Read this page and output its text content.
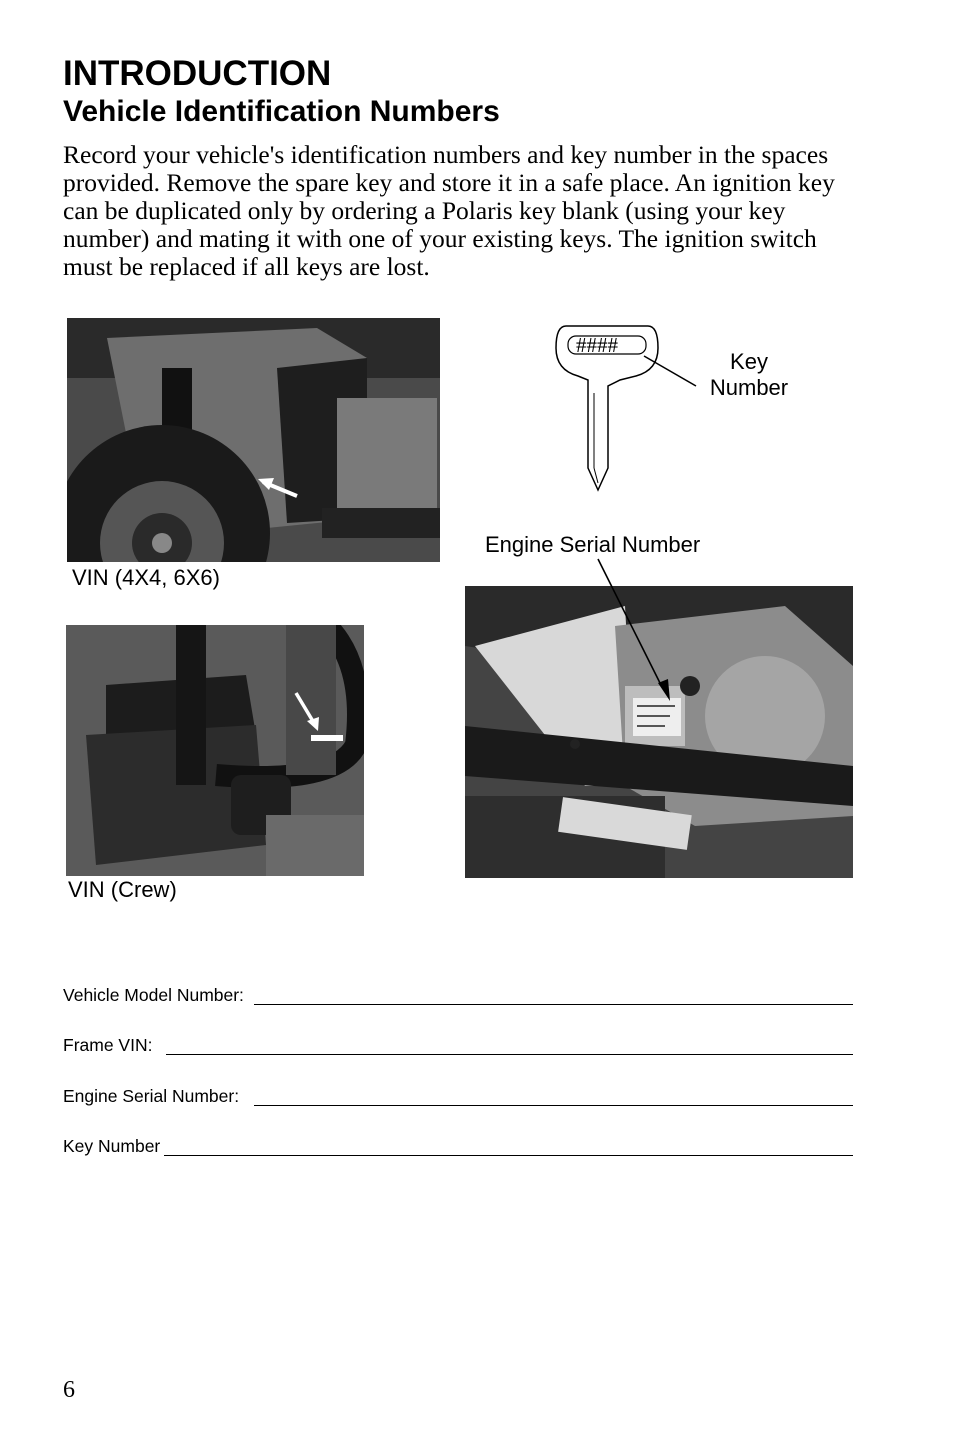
INTRODUCTION
Vehicle Identification Numbers

Record your vehicle's identification numbers and key number in the spaces provided. Remove the spare key and store it in a safe place. An ignition key can be duplicated only by ordering a Polaris key blank (using your key number) and mating it with one of your existing keys. The ignition switch must be replaced if all keys are lost.

VIN (4X4, 6X6)
####
Key
Number
Engine Serial Number
VIN (Crew)
Vehicle Model Number:
Frame VIN:
Engine Serial Number:
Key Number
6
